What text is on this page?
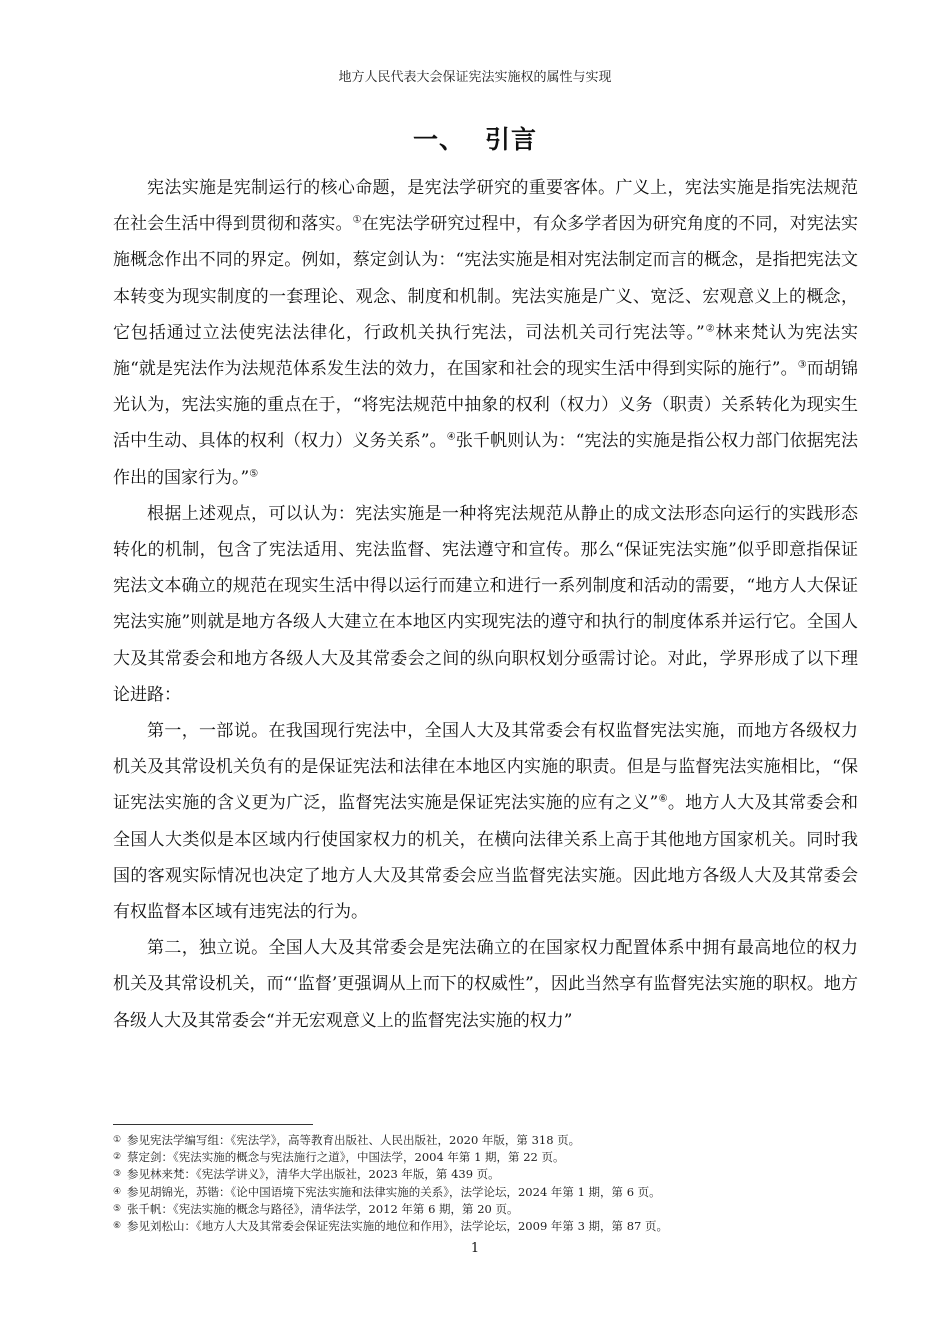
地方人民代表大会保证宪法实施权的属性与实现
一、 引言

宪法实施是宪制运行的核心命题，是宪法学研究的重要客体。广义上，宪法实施是指宪法规范在社会生活中得到贯彻和落实。①在宪法学研究过程中，有众多学者因为研究角度的不同，对宪法实施概念作出不同的界定。例如，蔡定剑认为：“宪法实施是相对宪法制定而言的概念，是指把宪法文本转变为现实制度的一套理论、观念、制度和机制。宪法实施是广义、宽泛、宏观意义上的概念，它包括通过立法使宪法法律化，行政机关执行宪法，司法机关司行宪法等。”②林来梵认为宪法实施“就是宪法作为法规范体系发生法的效力，在国家和社会的现实生活中得到实际的施行”。③而胡锦光认为，宪法实施的重点在于，“将宪法规范中抽象的权利（权力）义务（职责）关系转化为现实生活中生动、具体的权利（权力）义务关系”。④张千帆则认为：“宪法的实施是指公权力部门依据宪法作出的国家行为。”⑤

根据上述观点，可以认为：宪法实施是一种将宪法规范从静止的成文法形态向运行的实践形态转化的机制，包含了宪法适用、宪法监督、宪法遵守和宣传。那么“保证宪法实施”似乎即意指保证宪法文本确立的规范在现实生活中得以运行而建立和进行一系列制度和活动的需要，“地方人大保证宪法实施”则就是地方各级人大建立在本地区内实现宪法的遵守和执行的制度体系并运行它。全国人大及其常委会和地方各级人大及其常委会之间的纵向职权划分亟需讨论。对此，学界形成了以下理论进路：

第一，一部说。在我国现行宪法中，全国人大及其常委会有权监督宪法实施，而地方各级权力机关及其常设机关负有的是保证宪法和法律在本地区内实施的职责。但是与监督宪法实施相比，“保证宪法实施的含义更为广泛，监督宪法实施是保证宪法实施的应有之义”⑥。地方人大及其常委会和全国人大类似是本区域内行使国家权力的机关，在横向法律关系上高于其他地方国家机关。同时我国的客观实际情况也决定了地方人大及其常委会应当监督宪法实施。因此地方各级人大及其常委会有权监督本区域有违宪法的行为。

第二，独立说。全国人大及其常委会是宪法确立的在国家权力配置体系中拥有最高地位的权力机关及其常设机关，而“‘监督’更强调从上而下的权威性”，因此当然享有监督宪法实施的职权。地方各级人大及其常委会“并无宏观意义上的监督宪法实施的权力”

① 参见宪法学编写组：《宪法学》，高等教育出版社、人民出版社，2020 年版，第 318 页。
② 蔡定剑：《宪法实施的概念与宪法施行之道》，中国法学，2004 年第 1 期，第 22 页。
③ 参见林来梵：《宪法学讲义》，清华大学出版社，2023 年版，第 439 页。
④ 参见胡锦光，苏锴：《论中国语境下宪法实施和法律实施的关系》，法学论坛，2024 年第 1 期，第 6 页。
⑤ 张千帆：《宪法实施的概念与路径》，清华法学，2012 年第 6 期，第 20 页。
⑥ 参见刘松山：《地方人大及其常委会保证宪法实施的地位和作用》，法学论坛，2009 年第 3 期，第 87 页。
1
